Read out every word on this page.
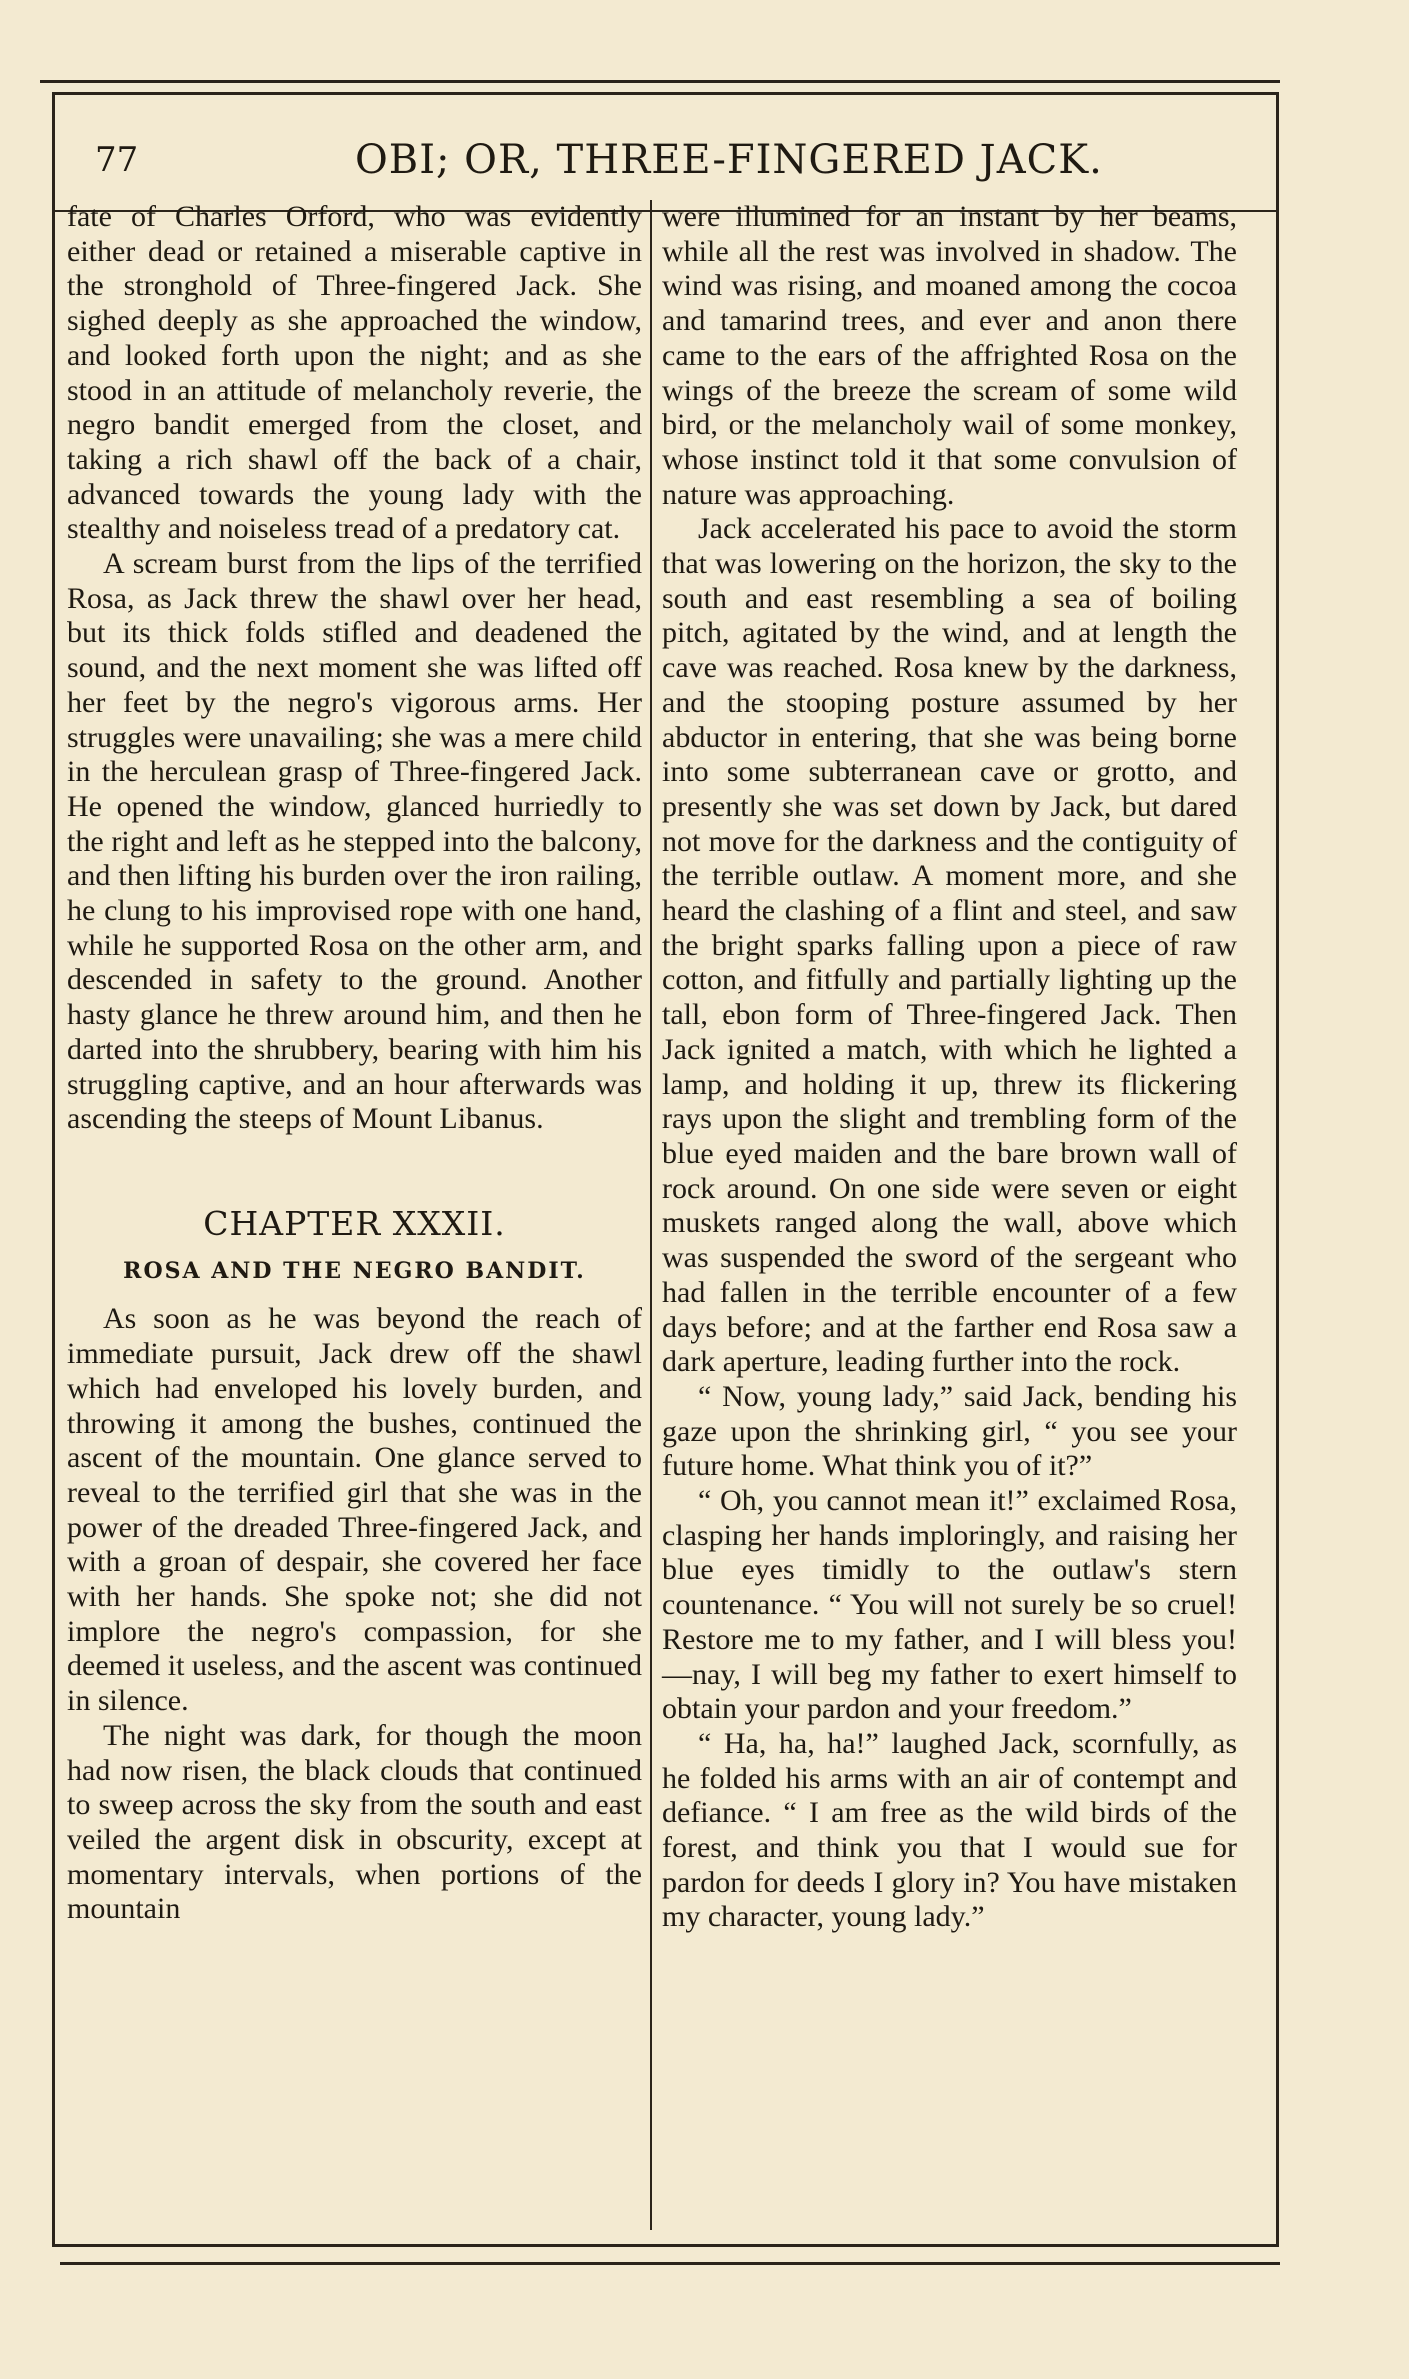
77	OBI; OR, THREE-FINGERED JACK.

fate of Charles Orford, who was evidently either dead or retained a miserable captive in the stronghold of Three-fingered Jack. She sighed deeply as she approached the window, and looked forth upon the night; and as she stood in an attitude of melancholy reverie, the negro bandit emerged from the closet, and taking a rich shawl off the back of a chair, advanced towards the young lady with the stealthy and noiseless tread of a predatory cat.

A scream burst from the lips of the terrified Rosa, as Jack threw the shawl over her head, but its thick folds stifled and deadened the sound, and the next moment she was lifted off her feet by the negro's vigorous arms. Her struggles were unavailing; she was a mere child in the herculean grasp of Three-fingered Jack. He opened the window, glanced hurriedly to the right and left as he stepped into the balcony, and then lifting his burden over the iron railing, he clung to his improvised rope with one hand, while he supported Rosa on the other arm, and descended in safety to the ground. Another hasty glance he threw around him, and then he darted into the shrubbery, bearing with him his struggling captive, and an hour afterwards was ascending the steeps of Mount Libanus.

CHAPTER XXXII.
ROSA AND THE NEGRO BANDIT.

As soon as he was beyond the reach of immediate pursuit, Jack drew off the shawl which had enveloped his lovely burden, and throwing it among the bushes, continued the ascent of the mountain. One glance served to reveal to the terrified girl that she was in the power of the dreaded Three-fingered Jack, and with a groan of despair, she covered her face with her hands. She spoke not; she did not implore the negro's compassion, for she deemed it useless, and the ascent was continued in silence.

The night was dark, for though the moon had now risen, the black clouds that continued to sweep across the sky from the south and east veiled the argent disk in obscurity, except at momentary intervals, when portions of the mountain

were illumined for an instant by her beams, while all the rest was involved in shadow. The wind was rising, and moaned among the cocoa and tamarind trees, and ever and anon there came to the ears of the affrighted Rosa on the wings of the breeze the scream of some wild bird, or the melancholy wail of some monkey, whose instinct told it that some convulsion of nature was approaching.

Jack accelerated his pace to avoid the storm that was lowering on the horizon, the sky to the south and east resembling a sea of boiling pitch, agitated by the wind, and at length the cave was reached. Rosa knew by the darkness, and the stooping posture assumed by her abductor in entering, that she was being borne into some subterranean cave or grotto, and presently she was set down by Jack, but dared not move for the darkness and the contiguity of the terrible outlaw. A moment more, and she heard the clashing of a flint and steel, and saw the bright sparks falling upon a piece of raw cotton, and fitfully and partially lighting up the tall, ebon form of Three-fingered Jack. Then Jack ignited a match, with which he lighted a lamp, and holding it up, threw its flickering rays upon the slight and trembling form of the blue eyed maiden and the bare brown wall of rock around. On one side were seven or eight muskets ranged along the wall, above which was suspended the sword of the sergeant who had fallen in the terrible encounter of a few days before; and at the farther end Rosa saw a dark aperture, leading further into the rock.

“ Now, young lady,” said Jack, bending his gaze upon the shrinking girl, “ you see your future home. What think you of it?”

“ Oh, you cannot mean it!” exclaimed Rosa, clasping her hands imploringly, and raising her blue eyes timidly to the outlaw's stern countenance. “ You will not surely be so cruel! Restore me to my father, and I will bless you!—nay, I will beg my father to exert himself to obtain your pardon and your freedom.”

“ Ha, ha, ha!” laughed Jack, scornfully, as he folded his arms with an air of contempt and defiance. “ I am free as the wild birds of the forest, and think you that I would sue for pardon for deeds I glory in? You have mistaken my character, young lady.”
